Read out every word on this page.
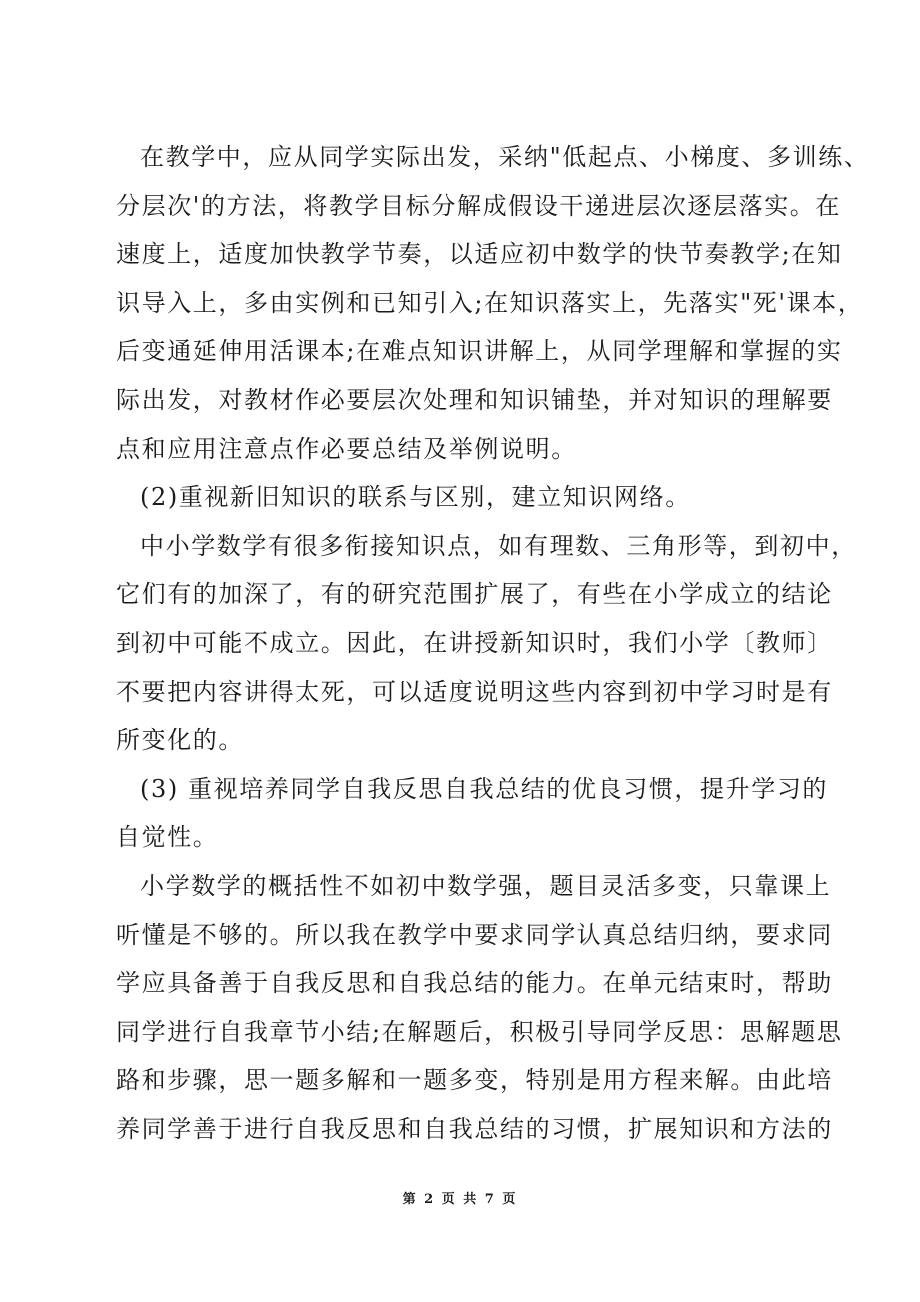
在教学中，应从同学实际出发，采纳"低起点、小梯度、多训练、
分层次'的方法，将教学目标分解成假设干递进层次逐层落实。在
速度上，适度加快教学节奏，以适应初中数学的快节奏教学;在知
识导入上，多由实例和已知引入;在知识落实上，先落实"死'课本，
后变通延伸用活课本;在难点知识讲解上，从同学理解和掌握的实
际出发，对教材作必要层次处理和知识铺垫，并对知识的理解要
点和应用注意点作必要总结及举例说明。
(2)重视新旧知识的联系与区别，建立知识网络。
中小学数学有很多衔接知识点，如有理数、三角形等，到初中，
它们有的加深了，有的研究范围扩展了，有些在小学成立的结论
到初中可能不成立。因此，在讲授新知识时，我们小学〔教师〕
不要把内容讲得太死，可以适度说明这些内容到初中学习时是有
所变化的。
(3) 重视培养同学自我反思自我总结的优良习惯，提升学习的
自觉性。
小学数学的概括性不如初中数学强，题目灵活多变，只靠课上
听懂是不够的。所以我在教学中要求同学认真总结归纳，要求同
学应具备善于自我反思和自我总结的能力。在单元结束时，帮助
同学进行自我章节小结;在解题后，积极引导同学反思：思解题思
路和步骤，思一题多解和一题多变，特别是用方程来解。由此培
养同学善于进行自我反思和自我总结的习惯，扩展知识和方法的
第 2 页 共 7 页
